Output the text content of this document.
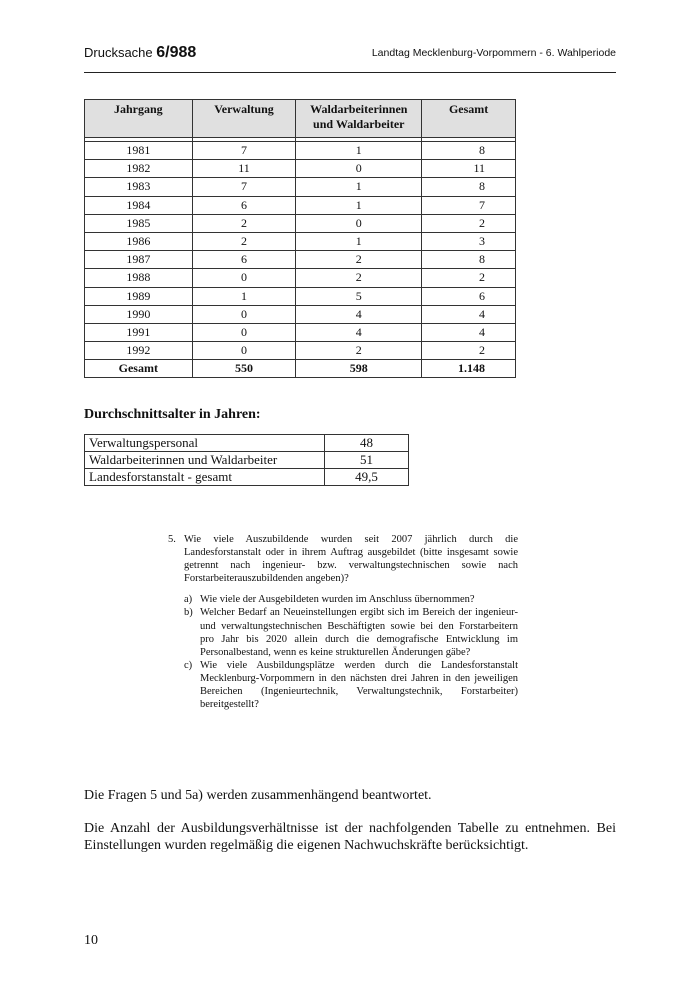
Drucksache 6/988	Landtag Mecklenburg-Vorpommern - 6. Wahlperiode
Jahrgang	Verwaltung	Waldarbeiterinnen und Waldarbeiter	Gesamt

1981	7	1	8
1982	11	0	11
1983	7	1	8
1984	6	1	7
1985	2	0	2
1986	2	1	3
1987	6	2	8
1988	0	2	2
1989	1	5	6
1990	0	4	4
1991	0	4	4
1992	0	2	2
Gesamt	550	598	1.148
Durchschnittsalter in Jahren:
Verwaltungspersonal	48
Waldarbeiterinnen und Waldarbeiter	51
Landesforstanstalt - gesamt	49,5
5. Wie viele Auszubildende wurden seit 2007 jährlich durch die Landesforstanstalt oder in ihrem Auftrag ausgebildet (bitte insgesamt sowie getrennt nach ingenieur- bzw. verwaltungstechnischen sowie nach Forstarbeiterauszubildenden angeben)?
a) Wie viele der Ausgebildeten wurden im Anschluss übernommen?
b) Welcher Bedarf an Neueinstellungen ergibt sich im Bereich der ingenieur- und verwaltungstechnischen Beschäftigten sowie bei den Forstarbeitern pro Jahr bis 2020 allein durch die demografische Entwicklung im Personalbestand, wenn es keine strukturellen Änderungen gäbe?
c) Wie viele Ausbildungsplätze werden durch die Landesforstanstalt Mecklenburg-Vorpommern in den nächsten drei Jahren in den jeweiligen Bereichen (Ingenieurtechnik, Verwaltungstechnik, Forstarbeiter) bereitgestellt?
Die Fragen 5 und 5a) werden zusammenhängend beantwortet.
Die Anzahl der Ausbildungsverhältnisse ist der nachfolgenden Tabelle zu entnehmen. Bei Einstellungen wurden regelmäßig die eigenen Nachwuchskräfte berücksichtigt.
10
